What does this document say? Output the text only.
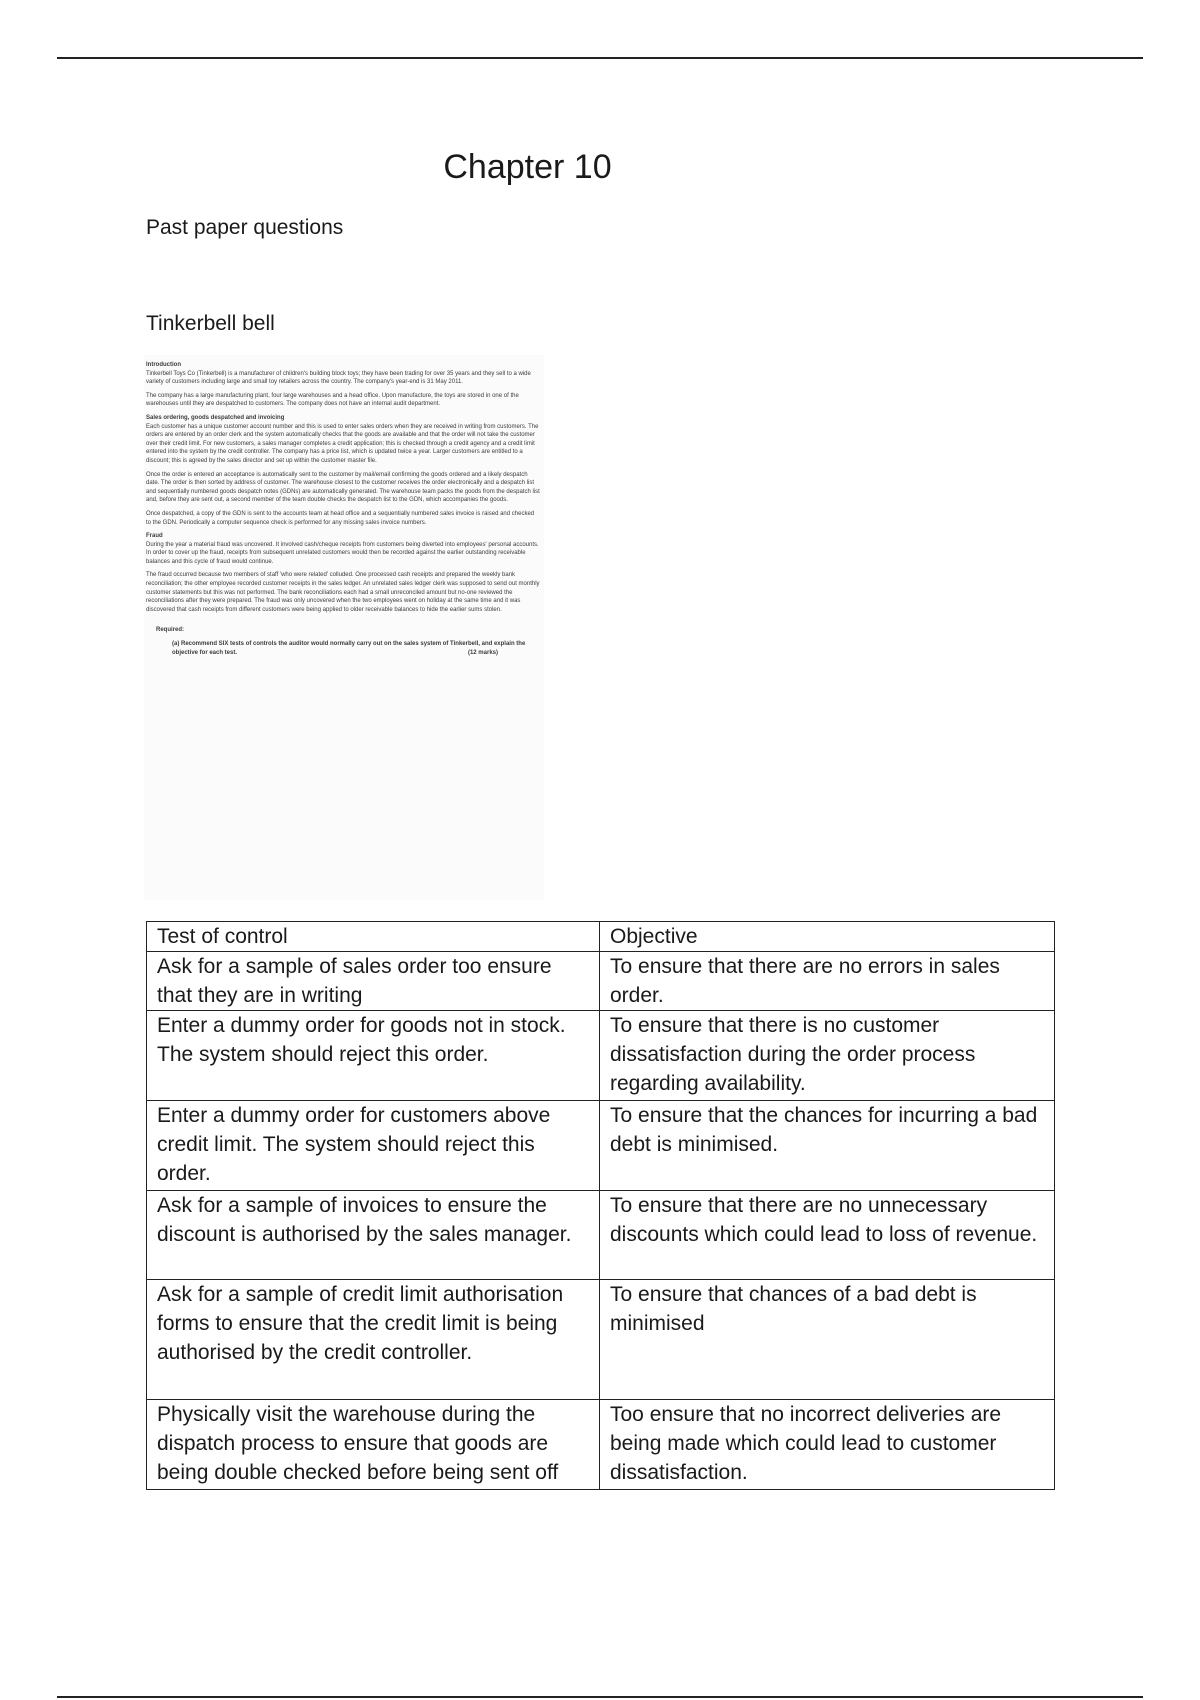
Chapter 10

Past paper questions

Tinkerbell bell

Introduction

Tinkerbell Toys Co (Tinkerbell) is a manufacturer of children's building block toys; they have been trading for over 35 years and they sell to a wide variety of customers including large and small toy retailers across the country. The company's year-end is 31 May 2011.

The company has a large manufacturing plant, four large warehouses and a head office. Upon manufacture, the toys are stored in one of the warehouses until they are despatched to customers. The company does not have an internal audit department.

Sales ordering, goods despatched and invoicing

Each customer has a unique customer account number and this is used to enter sales orders when they are received in writing from customers. The orders are entered by an order clerk and the system automatically checks that the goods are available and that the order will not take the customer over their credit limit. For new customers, a sales manager completes a credit application; this is checked through a credit agency and a credit limit entered into the system by the credit controller. The company has a price list, which is updated twice a year. Larger customers are entitled to a discount; this is agreed by the sales director and set up within the customer master file.

Once the order is entered an acceptance is automatically sent to the customer by mail/email confirming the goods ordered and a likely despatch date. The order is then sorted by address of customer. The warehouse closest to the customer receives the order electronically and a despatch list and sequentially numbered goods despatch notes (GDNs) are automatically generated. The warehouse team packs the goods from the despatch list and, before they are sent out, a second member of the team double checks the despatch list to the GDN, which accompanies the goods.

Once despatched, a copy of the GDN is sent to the accounts team at head office and a sequentially numbered sales invoice is raised and checked to the GDN. Periodically a computer sequence check is performed for any missing sales invoice numbers.

Fraud

During the year a material fraud was uncovered. It involved cash/cheque receipts from customers being diverted into employees' personal accounts. In order to cover up the fraud, receipts from subsequent unrelated customers would then be recorded against the earlier outstanding receivable balances and this cycle of fraud would continue.

The fraud occurred because two members of staff 'who were related' colluded. One processed cash receipts and prepared the weekly bank reconciliation; the other employee recorded customer receipts in the sales ledger. An unrelated sales ledger clerk was supposed to send out monthly customer statements but this was not performed. The bank reconciliations each had a small unreconciled amount but no-one reviewed the reconciliations after they were prepared. The fraud was only uncovered when the two employees went on holiday at the same time and it was discovered that cash receipts from different customers were being applied to older receivable balances to hide the earlier sums stolen.

Required:

(a) Recommend SIX tests of controls the auditor would normally carry out on the sales system of Tinkerbell, and explain the objective for each test.	(12 marks)

Test of control	Objective
Ask for a sample of sales order too ensure that they are in writing	To ensure that there are no errors in sales order.
Enter a dummy order for goods not in stock. The system should reject this order.	To ensure that there is no customer dissatisfaction during the order process regarding availability.
Enter a dummy order for customers above credit limit. The system should reject this order.	To ensure that the chances for incurring a bad debt is minimised.
Ask for a sample of invoices to ensure the discount is authorised by the sales manager.	To ensure that there are no unnecessary discounts which could lead to loss of revenue.
Ask for a sample of credit limit authorisation forms to ensure that the credit limit is being authorised by the credit controller.	To ensure that chances of a bad debt is minimised
Physically visit the warehouse during the dispatch process to ensure that goods are being double checked before being sent off	Too ensure that no incorrect deliveries are being made which could lead to customer dissatisfaction.
